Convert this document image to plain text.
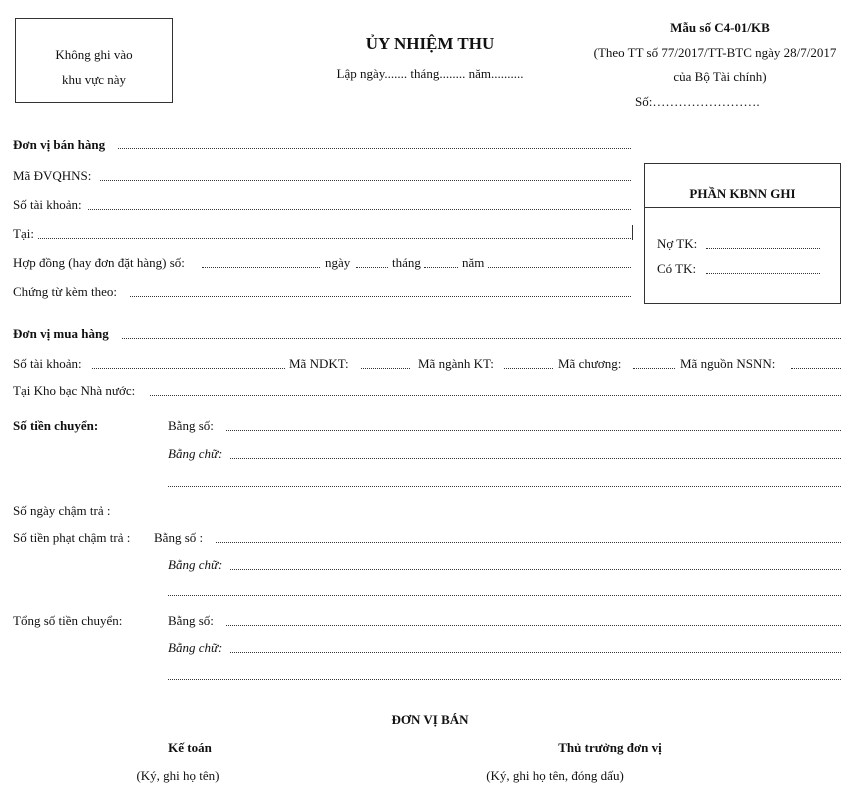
Không ghi vào
khu vực này
ỦY NHIỆM THU
Lập ngày....... tháng........ năm..........
Mẫu số C4-01/KB
(Theo TT số 77/2017/TT-BTC ngày 28/7/2017
của Bộ Tài chính)
Số:…………………….
PHẦN KBNN GHI
Nợ TK:
Có TK:
Đơn vị bán hàng
Mã ĐVQHNS:
Số tài khoản:
Tại:
Hợp đồng (hay đơn đặt hàng) số:	ngày	tháng	năm
Chứng từ kèm theo:
Đơn vị mua hàng
Số tài khoản:	Mã NDKT:	Mã ngành KT:	Mã chương:	Mã nguồn NSNN:
Tại Kho bạc Nhà nước:
Số tiền chuyển:	Bằng số:
Bằng chữ:
Số ngày chậm trả :
Số tiền phạt chậm trả : Bằng số :
Bằng chữ:
Tổng số tiền chuyển:	Bằng số:
Bằng chữ:
ĐƠN VỊ BÁN
Kế toán
(Ký, ghi họ tên)
Thủ trưởng đơn vị
(Ký, ghi họ tên, đóng dấu)
